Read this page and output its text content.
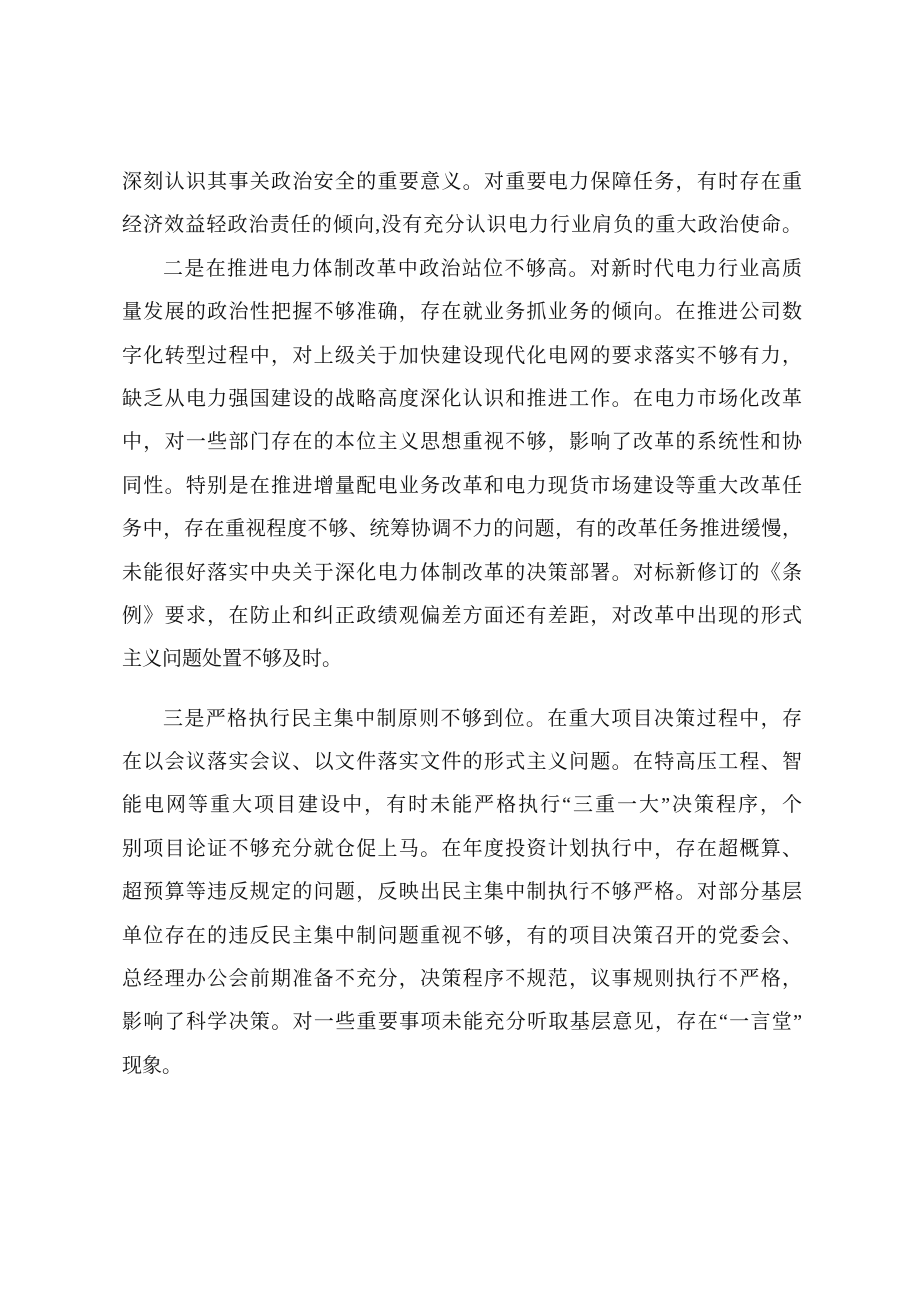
深刻认识其事关政治安全的重要意义。对重要电力保障任务，有时存在重
经济效益轻政治责任的倾向,没有充分认识电力行业肩负的重大政治使命。
二是在推进电力体制改革中政治站位不够高。对新时代电力行业高质
量发展的政治性把握不够准确，存在就业务抓业务的倾向。在推进公司数
字化转型过程中，对上级关于加快建设现代化电网的要求落实不够有力，
缺乏从电力强国建设的战略高度深化认识和推进工作。在电力市场化改革
中，对一些部门存在的本位主义思想重视不够，影响了改革的系统性和协
同性。特别是在推进增量配电业务改革和电力现货市场建设等重大改革任
务中，存在重视程度不够、统筹协调不力的问题，有的改革任务推进缓慢，
未能很好落实中央关于深化电力体制改革的决策部署。对标新修订的《条
例》要求，在防止和纠正政绩观偏差方面还有差距，对改革中出现的形式
主义问题处置不够及时。
三是严格执行民主集中制原则不够到位。在重大项目决策过程中，存
在以会议落实会议、以文件落实文件的形式主义问题。在特高压工程、智
能电网等重大项目建设中，有时未能严格执行“三重一大”决策程序，个
别项目论证不够充分就仓促上马。在年度投资计划执行中，存在超概算、
超预算等违反规定的问题，反映出民主集中制执行不够严格。对部分基层
单位存在的违反民主集中制问题重视不够，有的项目决策召开的党委会、
总经理办公会前期准备不充分，决策程序不规范，议事规则执行不严格，
影响了科学决策。对一些重要事项未能充分听取基层意见，存在“一言堂”
现象。
